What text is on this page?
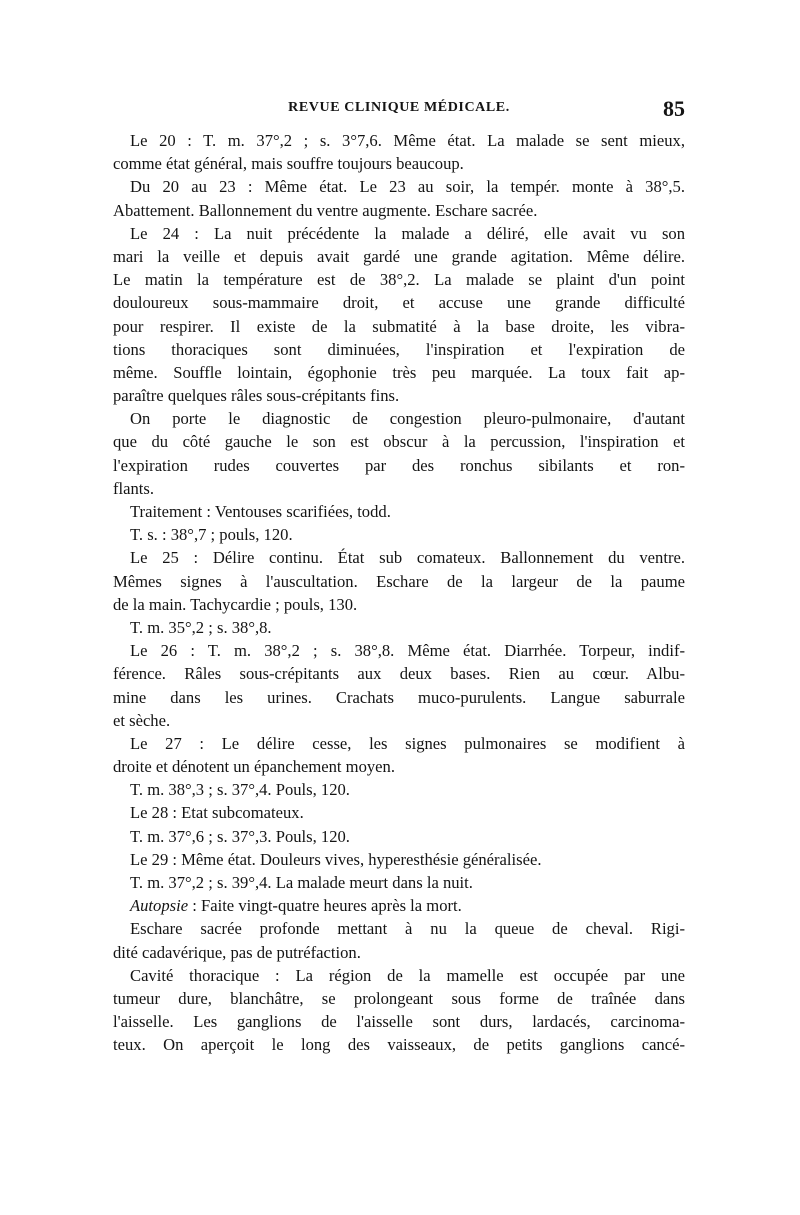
REVUE CLINIQUE MÉDICALE.	85
Le 20 : T. m. 37°,2 ; s. 3°7,6. Même état. La malade se sent mieux,
comme état général, mais souffre toujours beaucoup.
Du 20 au 23 : Même état. Le 23 au soir, la tempér. monte à 38°,5.
Abattement. Ballonnement du ventre augmente. Eschare sacrée.
Le 24 : La nuit précédente la malade a déliré, elle avait vu son
mari la veille et depuis avait gardé une grande agitation. Même délire.
Le matin la température est de 38°,2. La malade se plaint d'un point
douloureux sous-mammaire droit, et accuse une grande difficulté
pour respirer. Il existe de la submatité à la base droite, les vibra-
tions thoraciques sont diminuées, l'inspiration et l'expiration de
même. Souffle lointain, égophonie très peu marquée. La toux fait ap-
paraître quelques râles sous-crépitants fins.
On porte le diagnostic de congestion pleuro-pulmonaire, d'autant
que du côté gauche le son est obscur à la percussion, l'inspiration et
l'expiration rudes couvertes par des ronchus sibilants et ron-
flants.
Traitement : Ventouses scarifiées, todd.
T. s. : 38°,7 ; pouls, 120.
Le 25 : Délire continu. État sub comateux. Ballonnement du ventre.
Mêmes signes à l'auscultation. Eschare de la largeur de la paume
de la main. Tachycardie ; pouls, 130.
T. m. 35°,2 ; s. 38°,8.
Le 26 : T. m. 38°,2 ; s. 38°,8. Même état. Diarrhée. Torpeur, indif-
férence. Râles sous-crépitants aux deux bases. Rien au cœur. Albu-
mine dans les urines. Crachats muco-purulents. Langue saburrale
et sèche.
Le 27 : Le délire cesse, les signes pulmonaires se modifient à
droite et dénotent un épanchement moyen.
T. m. 38°,3 ; s. 37°,4. Pouls, 120.
Le 28 : Etat subcomateux.
T. m. 37°,6 ; s. 37°,3. Pouls, 120.
Le 29 : Même état. Douleurs vives, hyperesthésie généralisée.
T. m. 37°,2 ; s. 39°,4. La malade meurt dans la nuit.
Autopsie : Faite vingt-quatre heures après la mort.
Eschare sacrée profonde mettant à nu la queue de cheval. Rigi-
dité cadavérique, pas de putréfaction.
Cavité thoracique : La région de la mamelle est occupée par une
tumeur dure, blanchâtre, se prolongeant sous forme de traînée dans
l'aisselle. Les ganglions de l'aisselle sont durs, lardacés, carcinoma-
teux. On aperçoit le long des vaisseaux, de petits ganglions cancé-
